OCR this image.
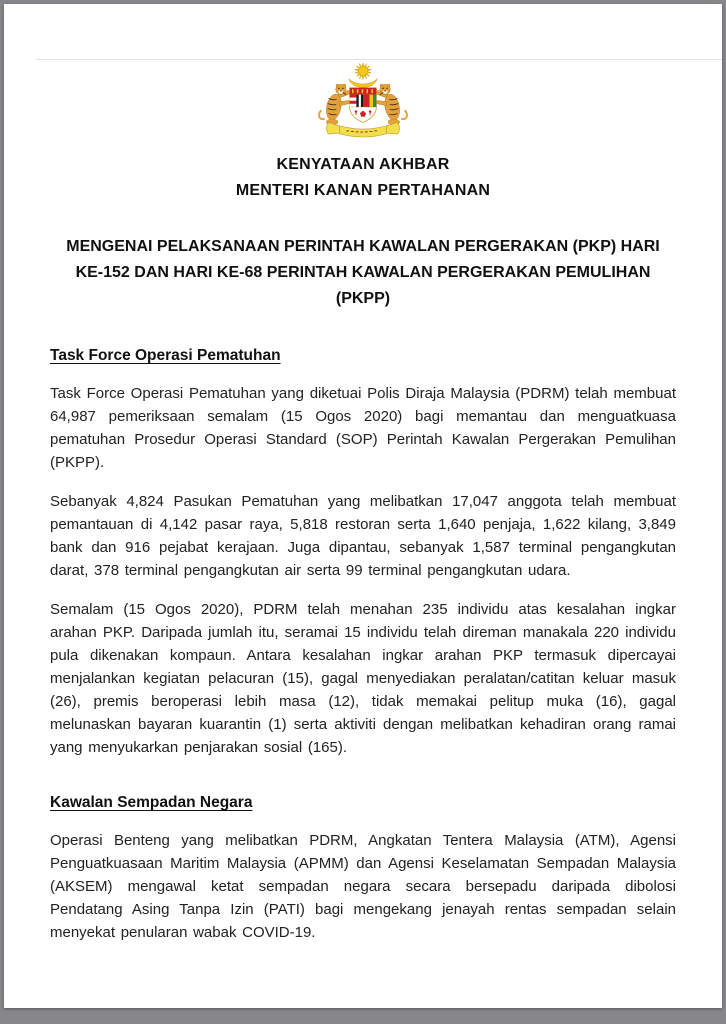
KENYATAAN AKHBAR
MENTERI KANAN PERTAHANAN
MENGENAI PELAKSANAAN PERINTAH KAWALAN PERGERAKAN (PKP) HARI
KE-152 DAN HARI KE-68 PERINTAH KAWALAN PERGERAKAN PEMULIHAN (PKPP)
Task Force Operasi Pematuhan

Task Force Operasi Pematuhan yang diketuai Polis Diraja Malaysia (PDRM) telah membuat 64,987 pemeriksaan semalam (15 Ogos 2020) bagi memantau dan menguatkuasa pematuhan Prosedur Operasi Standard (SOP) Perintah Kawalan Pergerakan Pemulihan (PKPP).

Sebanyak 4,824 Pasukan Pematuhan yang melibatkan 17,047 anggota telah membuat pemantauan di 4,142 pasar raya, 5,818 restoran serta 1,640 penjaja, 1,622 kilang, 3,849 bank dan 916 pejabat kerajaan. Juga dipantau, sebanyak 1,587 terminal pengangkutan darat, 378 terminal pengangkutan air serta 99 terminal pengangkutan udara.

Semalam (15 Ogos 2020), PDRM telah menahan 235 individu atas kesalahan ingkar arahan PKP. Daripada jumlah itu, seramai 15 individu telah direman manakala 220 individu pula dikenakan kompaun. Antara kesalahan ingkar arahan PKP termasuk dipercayai menjalankan kegiatan pelacuran (15), gagal menyediakan peralatan/catitan keluar masuk (26), premis beroperasi lebih masa (12), tidak memakai pelitup muka (16), gagal melunaskan bayaran kuarantin (1) serta aktiviti dengan melibatkan kehadiran orang ramai yang menyukarkan penjarakan sosial (165).

Kawalan Sempadan Negara

Operasi Benteng yang melibatkan PDRM, Angkatan Tentera Malaysia (ATM), Agensi Penguatkuasaan Maritim Malaysia (APMM) dan Agensi Keselamatan Sempadan Malaysia (AKSEM) mengawal ketat sempadan negara secara bersepadu daripada dibolosi Pendatang Asing Tanpa Izin (PATI) bagi mengekang jenayah rentas sempadan selain menyekat penularan wabak COVID-19.
